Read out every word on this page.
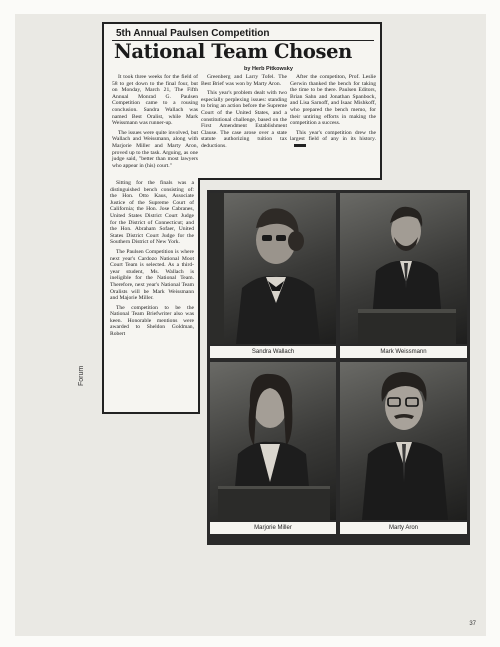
5th Annual Paulsen Competition
National Team Chosen
by Herb Pitkowsky

It took three weeks for the field of 58 to get down to the final four, but on Monday, March 21, The Fifth Annual Monrad G. Paulsen Competition came to a rousing conclusion. Sandra Wallach was named Best Oralist, while Mark Weissmann was runner-up.

The issues were quite involved, but Wallach and Weissmann, along with Marjorie Miller and Marty Aron, proved up to the task. Arguing, as one judge said, "better than most lawyers who appear in (his) court."

Greenberg and Larry Tofel. The Best Brief was won by Marty Aron.

This year's problem dealt with two especially perplexing issues: standing to bring an action before the Supreme Court of the United States, and a constitutional challenge, based on the First Amendment Establishment Clause. The case arose over a state statute authorizing tuition tax deductions.

After the competiton, Prof. Leslie Gerwin thanked the bench for taking the time to be there. Paulsen Editors, Brian Sahn and Jonathan Spanbock, and Lisa Sarnoff, and Isaac Mishkoff, who prepared the bench memo, for their untiring efforts in making the competition a success.

This year's competition drew the largest field of any in its history.

Sitting for the finals was a distinguished bench consisting of: the Hon. Otto Kaus, Associate Justice of the Supreme Court of California; the Hon. Jose Cabranes, United States District Court Judge for the District of Connecticut; and the Hon. Abraham Sofaer, United States District Court Judge for the Southern District of New York.

The Paulsen Competition is where next year's Cardozo National Moot Court Team is selected. As a third-year student, Ms. Wallach is ineligible for the National Team. Therefore, next year's National Team Oralists will be Mark Weissmann and Majorie Miller.

The competition to be the National Team Briefwriter also was keen. Honorable mentions were awarded to Sheldon Goldman, Robert

Sandra Wallach	Mark Weissmann
Marjorie Miller	Marty Aron
Forum
37
